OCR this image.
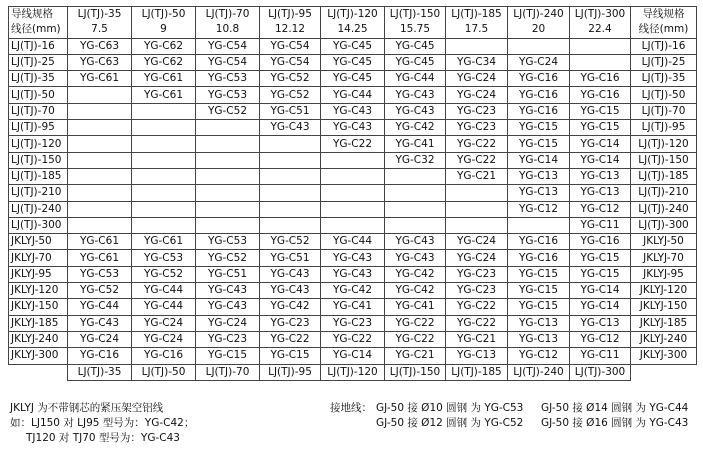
导线规格	LJ(TJ)-35	LJ(TJ)-50	LJ(TJ)-70	LJ(TJ)-95	LJ(TJ)-120	LJ(TJ)-150	LJ(TJ)-185	LJ(TJ)-240	LJ(TJ)-300	导线规格
线径(mm)	7.5	9	10.8	12.12	14.25	15.75	17.5	20	22.4	线径(mm)
LJ(TJ)-16	YG-C63	YG-C62	YG-C54	YG-C54	YG-C45	YG-C45				LJ(TJ)-16
LJ(TJ)-25	YG-C63	YG-C62	YG-C54	YG-C54	YG-C45	YG-C45	YG-C34	YG-C24		LJ(TJ)-25
LJ(TJ)-35	YG-C61	YG-C61	YG-C53	YG-C52	YG-C45	YG-C44	YG-C24	YG-C16	YG-C16	LJ(TJ)-35
LJ(TJ)-50		YG-C61	YG-C53	YG-C52	YG-C44	YG-C43	YG-C24	YG-C16	YG-C16	LJ(TJ)-50
LJ(TJ)-70			YG-C52	YG-C51	YG-C43	YG-C43	YG-C23	YG-C16	YG-C15	LJ(TJ)-70
LJ(TJ)-95				YG-C43	YG-C43	YG-C42	YG-C23	YG-C15	YG-C15	LJ(TJ)-95
LJ(TJ)-120					YG-C22	YG-C41	YG-C22	YG-C15	YG-C14	LJ(TJ)-120
LJ(TJ)-150						YG-C32	YG-C22	YG-C14	YG-C14	LJ(TJ)-150
LJ(TJ)-185							YG-C21	YG-C13	YG-C13	LJ(TJ)-185
LJ(TJ)-210								YG-C13	YG-C13	LJ(TJ)-210
LJ(TJ)-240								YG-C12	YG-C12	LJ(TJ)-240
LJ(TJ)-300									YG-C11	LJ(TJ)-300
JKLYJ-50	YG-C61	YG-C61	YG-C53	YG-C52	YG-C44	YG-C43	YG-C24	YG-C16	YG-C16	JKLYJ-50
JKLYJ-70	YG-C61	YG-C53	YG-C52	YG-C51	YG-C43	YG-C43	YG-C24	YG-C16	YG-C15	JKLYJ-70
JKLYJ-95	YG-C53	YG-C52	YG-C51	YG-C43	YG-C43	YG-C42	YG-C23	YG-C15	YG-C15	JKLYJ-95
JKLYJ-120	YG-C52	YG-C44	YG-C43	YG-C43	YG-C42	YG-C42	YG-C23	YG-C15	YG-C14	JKLYJ-120
JKLYJ-150	YG-C44	YG-C44	YG-C43	YG-C42	YG-C41	YG-C41	YG-C22	YG-C15	YG-C14	JKLYJ-150
JKLYJ-185	YG-C43	YG-C24	YG-C24	YG-C23	YG-C23	YG-C22	YG-C22	YG-C13	YG-C13	JKLYJ-185
JKLYJ-240	YG-C24	YG-C24	YG-C23	YG-C22	YG-C22	YG-C22	YG-C21	YG-C13	YG-C12	JKLYJ-240
JKLYJ-300	YG-C16	YG-C16	YG-C15	YG-C15	YG-C14	YG-C21	YG-C13	YG-C12	YG-C11	JKLYJ-300
	LJ(TJ)-35	LJ(TJ)-50	LJ(TJ)-70	LJ(TJ)-95	LJ(TJ)-120	LJ(TJ)-150	LJ(TJ)-185	LJ(TJ)-240	LJ(TJ)-300	
JKLYJ 为不带钢芯的紧压架空铝线
如：LJ150 对 LJ95 型号为：YG-C42；
TJ120 对 TJ70 型号为：YG-C43
接地线： GJ-50 接 Ø10 圆钢 为 YG-C53 GJ-50 接 Ø14 圆钢 为 YG-C44
GJ-50 接 Ø12 圆钢 为 YG-C52 GJ-50 接 Ø16 圆钢 为 YG-C43
